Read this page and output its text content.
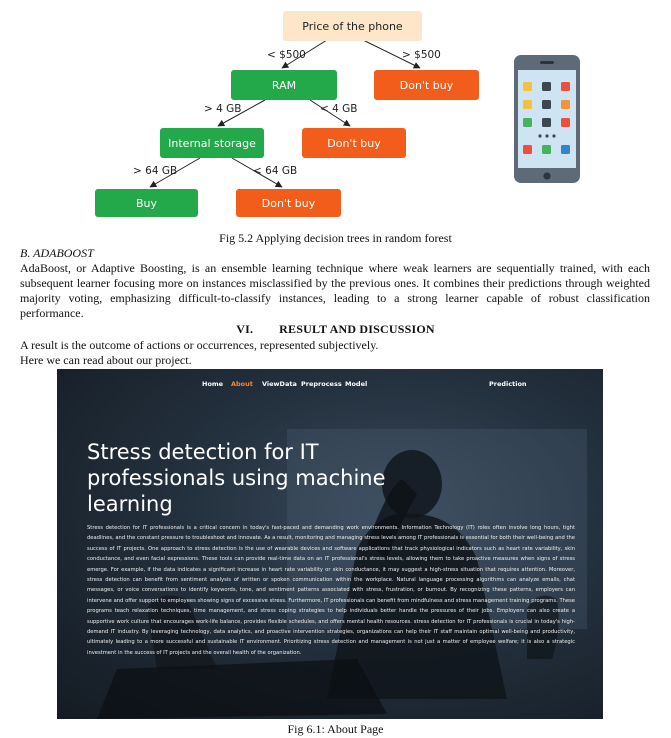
< $500	> $500
> 4 GB	< 4 GB
> 64 GB	< 64 GB
Price of the phone
RAM	Don't buy
Internal storage	Don't buy
Buy	Don't buy
Fig 5.2 Applying decision trees in random forest
B. ADABOOST

AdaBoost, or Adaptive Boosting, is an ensemble learning technique where weak learners are sequentially trained, with each subsequent learner focusing more on instances misclassified by the previous ones. It combines their predictions through weighted majority voting, emphasizing difficult-to-classify instances, leading to a strong learner capable of robust classification performance.

VI. RESULT AND DISCUSSION
A result is the outcome of actions or occurrences, represented subjectively.
Here we can read about our project.
Home About ViewData Preprocess Model	Prediction
Stress detection for IT professionals using machine learning

Stress detection for IT professionals is a critical concern in today's fast-paced and demanding work environments. Information Technology (IT) roles often involve long hours, tight deadlines, and the constant pressure to troubleshoot and innovate. As a result, monitoring and managing stress levels among IT professionals is essential for both their well-being and the success of IT projects. One approach to stress detection is the use of wearable devices and software applications that track physiological indicators such as heart rate variability, skin conductance, and even facial expressions. These tools can provide real-time data on an IT professional's stress levels, allowing them to take proactive measures when signs of stress emerge. For example, if the data indicates a significant increase in heart rate variability or skin conductance, it may suggest a high-stress situation that requires attention. Moreover, stress detection can benefit from sentiment analysis of written or spoken communication within the workplace. Natural language processing algorithms can analyze emails, chat messages, or voice conversations to identify keywords, tone, and sentiment patterns associated with stress, frustration, or burnout. By recognizing these patterns, employers can intervene and offer support to employees showing signs of excessive stress. Furthermore, IT professionals can benefit from mindfulness and stress management training programs. These programs teach relaxation techniques, time management, and stress coping strategies to help individuals better handle the pressures of their jobs. Employers can also create a supportive work culture that encourages work-life balance, provides flexible schedules, and offers mental health resources. stress detection for IT professionals is crucial in today's high-demand IT industry. By leveraging technology, data analytics, and proactive intervention strategies, organizations can help their IT staff maintain optimal well-being and productivity, ultimately leading to a more successful and sustainable IT environment. Prioritizing stress detection and management is not just a matter of employee welfare; it is also a strategic investment in the success of IT projects and the overall health of the organization.

Fig 6.1: About Page
